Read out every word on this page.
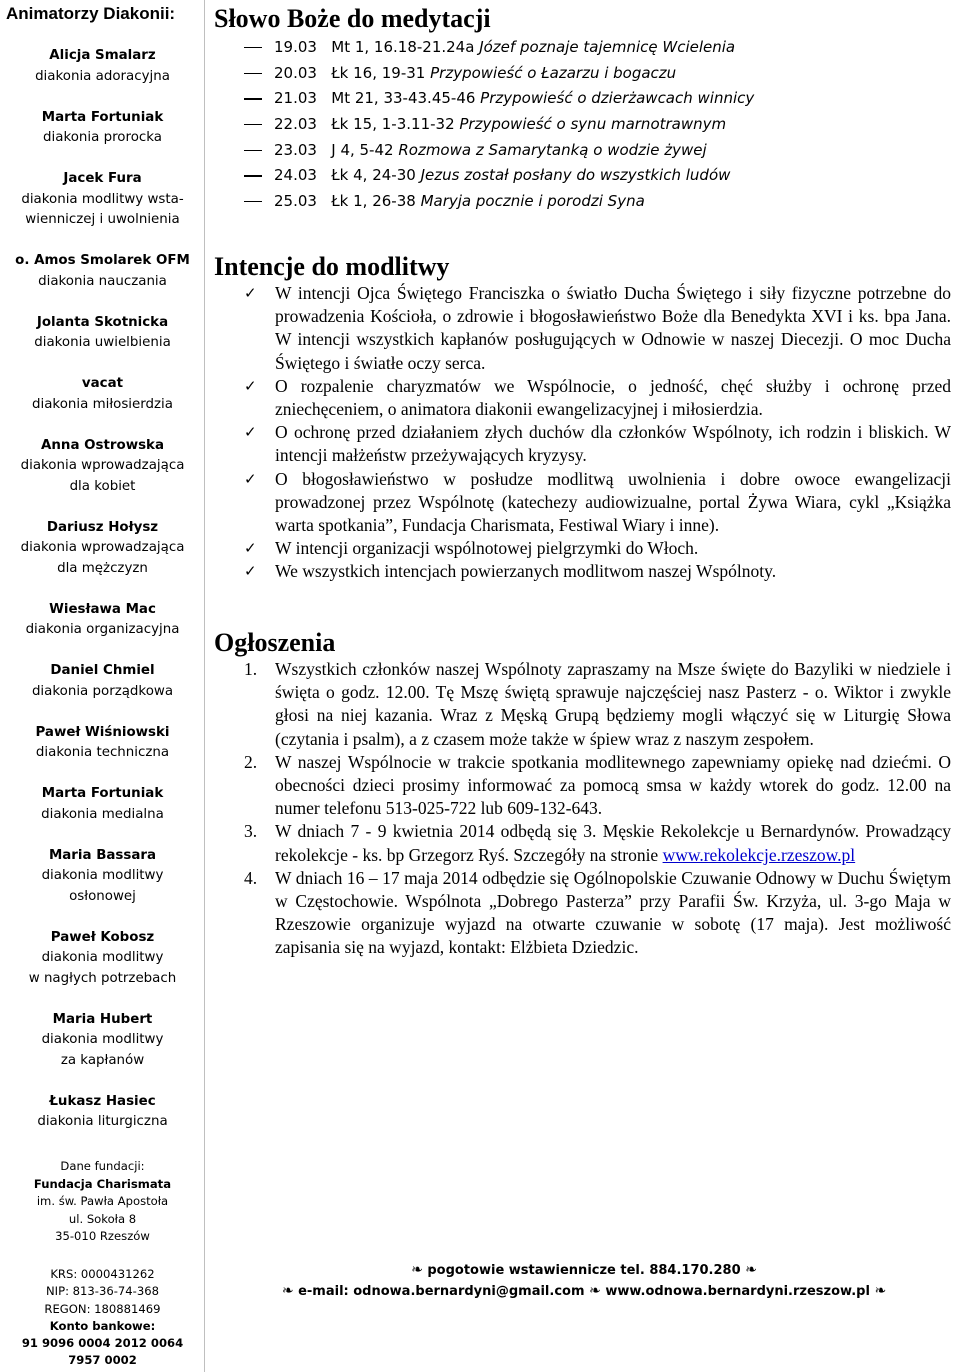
Animatorzy Diakonii:
Alicja Smalarz
diakonia adoracyjna
Marta Fortuniak
diakonia prorocka
Jacek Fura
diakonia modlitwy wsta-
wienniczej i uwolnienia
o. Amos Smolarek OFM
diakonia nauczania
Jolanta Skotnicka
diakonia uwielbienia
vacat
diakonia miłosierdzia
Anna Ostrowska
diakonia wprowadzająca
dla kobiet
Dariusz Hołysz
diakonia wprowadzająca
dla mężczyzn
Wiesława Mac
diakonia organizacyjna
Daniel Chmiel
diakonia porządkowa
Paweł Wiśniowski
diakonia techniczna
Marta Fortuniak
diakonia medialna
Maria Bassara
diakonia modlitwy
osłonowej
Paweł Kobosz
diakonia modlitwy
w nagłych potrzebach
Maria Hubert
diakonia modlitwy
za kapłanów
Łukasz Hasiec
diakonia liturgiczna
Dane fundacji:
Fundacja Charismata
im. św. Pawła Apostoła
ul. Sokoła 8
35-010 Rzeszów
KRS: 0000431262
NIP: 813-36-74-368
REGON: 180881469
Konto bankowe:
91 9096 0004 2012 0064
7957 0002
Słowo Boże do medytacji
19.03   Mt 1, 16.18-21.24a Józef poznaje tajemnicę Wcielenia
20.03   Łk 16, 19-31 Przypowieść o Łazarzu i bogaczu
21.03   Mt 21, 33-43.45-46 Przypowieść o dzierżawcach winnicy
22.03   Łk 15, 1-3.11-32 Przypowieść o synu marnotrawnym
23.03   J 4, 5-42 Rozmowa z Samarytanką o wodzie żywej
24.03   Łk 4, 24-30 Jezus został posłany do wszystkich ludów
25.03   Łk 1, 26-38 Maryja pocznie i porodzi Syna
Intencje do modlitwy
✓ W intencji Ojca Świętego Franciszka o światło Ducha Świętego i siły fizyczne potrzebne do prowadzenia Kościoła, o zdrowie i błogosławieństwo Boże dla Benedykta XVI i ks. bpa Jana. W intencji wszystkich kapłanów posługujących w Odnowie w naszej Diecezji. O moc Ducha Świętego i światłe oczy serca.
✓ O rozpalenie charyzmatów we Wspólnocie, o jedność, chęć służby i ochronę przed zniechęceniem, o animatora diakonii ewangelizacyjnej i miłosierdzia.
✓ O ochronę przed działaniem złych duchów dla członków Wspólnoty, ich rodzin i bliskich. W intencji małżeństw przeżywających kryzysy.
✓ O błogosławieństwo w posłudze modlitwą uwolnienia i dobre owoce ewangelizacji prowadzonej przez Wspólnotę (katechezy audiowizualne, portal Żywa Wiara, cykl „Książka warta spotkania”, Fundacja Charismata, Festiwal Wiary i inne).
✓ W intencji organizacji wspólnotowej pielgrzymki do Włoch.
✓ We wszystkich intencjach powierzanych modlitwom naszej Wspólnoty.
Ogłoszenia
1. Wszystkich członków naszej Wspólnoty zapraszamy na Msze święte do Bazyliki w niedziele i święta o godz. 12.00. Tę Mszę świętą sprawuje najczęściej nasz Pasterz - o. Wiktor i zwykle głosi na niej kazania. Wraz z Męską Grupą będziemy mogli włączyć się w Liturgię Słowa (czytania i psalm), a z czasem może także w śpiew wraz z naszym zespołem.
2. W naszej Wspólnocie w trakcie spotkania modlitewnego zapewniamy opiekę nad dziećmi. O obecności dzieci prosimy informować za pomocą smsa w każdy wtorek do godz. 12.00 na numer telefonu 513-025-722 lub 609-132-643.
3. W dniach 7 - 9 kwietnia 2014 odbędą się 3. Męskie Rekolekcje u Bernardynów. Prowadzący rekolekcje - ks. bp Grzegorz Ryś. Szczegóły na stronie www.rekolekcje.rzeszow.pl
4. W dniach 16 – 17 maja 2014 odbędzie się Ogólnopolskie Czuwanie Odnowy w Duchu Świętym w Częstochowie. Wspólnota „Dobrego Pasterza” przy Parafii Św. Krzyża, ul. 3-go Maja w Rzeszowie organizuje wyjazd na otwarte czuwanie w sobotę (17 maja). Jest możliwość zapisania się na wyjazd, kontakt: Elżbieta Dziedzic.
❧ pogotowie wstawiennicze tel. 884.170.280 ❧
❧ e-mail: odnowa.bernardyni@gmail.com ❧ www.odnowa.bernardyni.rzeszow.pl ❧
